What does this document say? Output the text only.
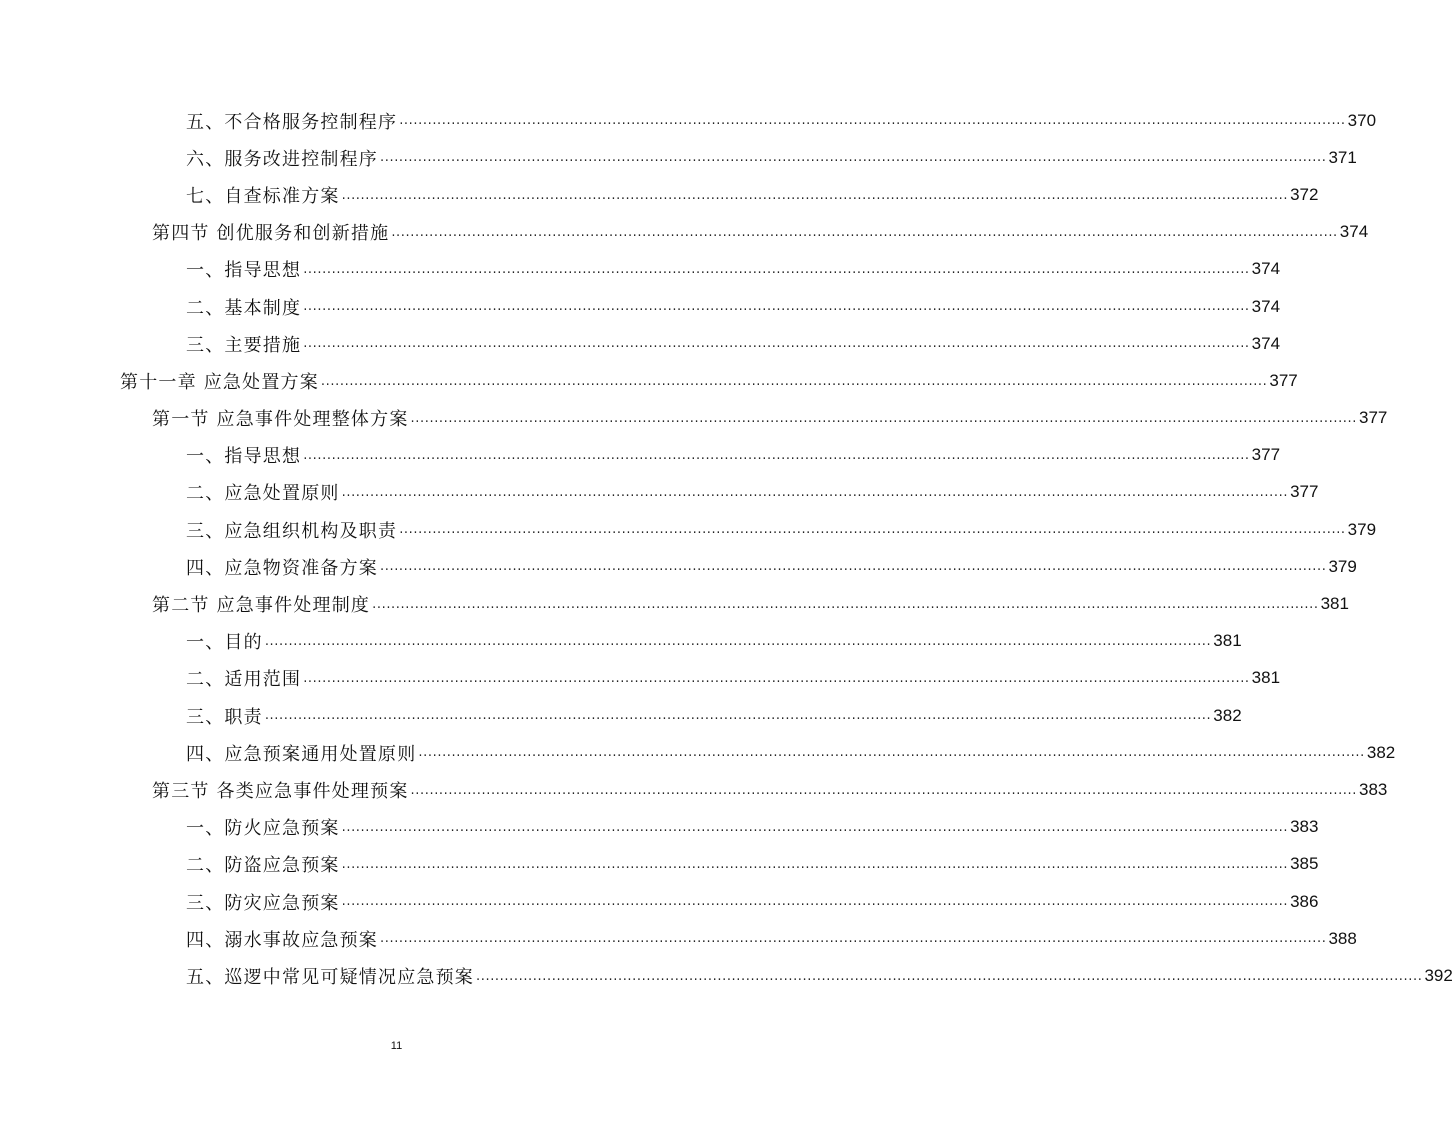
五、不合格服务控制程序 ........................................................................................................................................................................................................ 370
六、服务改进控制程序 ........................................................................................................................................................................................................ 371
七、自查标准方案 ........................................................................................................................................................................................................ 372
第四节 创优服务和创新措施 ........................................................................................................................................................................................................ 374
一、指导思想 ........................................................................................................................................................................................................ 374
二、基本制度 ........................................................................................................................................................................................................ 374
三、主要措施 ........................................................................................................................................................................................................ 374
第十一章 应急处置方案 ........................................................................................................................................................................................................ 377
第一节 应急事件处理整体方案 ........................................................................................................................................................................................................ 377
一、指导思想 ........................................................................................................................................................................................................ 377
二、应急处置原则 ........................................................................................................................................................................................................ 377
三、应急组织机构及职责 ........................................................................................................................................................................................................ 379
四、应急物资准备方案 ........................................................................................................................................................................................................ 379
第二节 应急事件处理制度 ........................................................................................................................................................................................................ 381
一、目的 ........................................................................................................................................................................................................ 381
二、适用范围 ........................................................................................................................................................................................................ 381
三、职责 ........................................................................................................................................................................................................ 382
四、应急预案通用处置原则 ........................................................................................................................................................................................................ 382
第三节 各类应急事件处理预案 ........................................................................................................................................................................................................ 383
一、防火应急预案 ........................................................................................................................................................................................................ 383
二、防盗应急预案 ........................................................................................................................................................................................................ 385
三、防灾应急预案 ........................................................................................................................................................................................................ 386
四、溺水事故应急预案 ........................................................................................................................................................................................................ 388
五、巡逻中常见可疑情况应急预案 ........................................................................................................................................................................................................ 392
11
